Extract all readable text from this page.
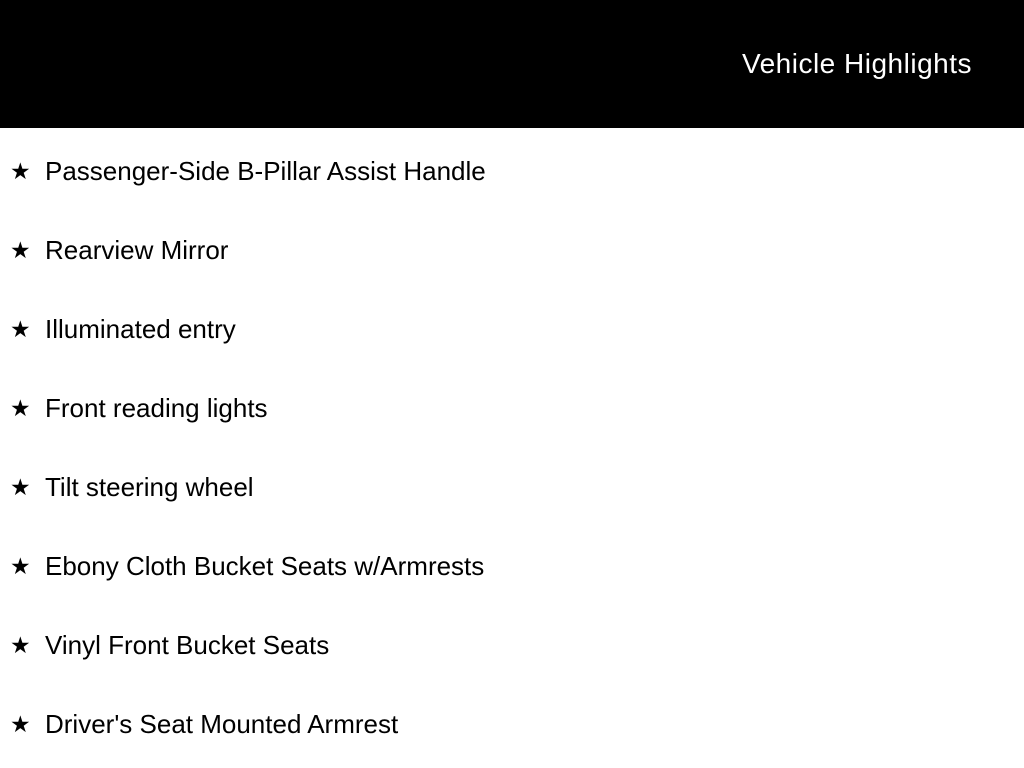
Vehicle Highlights
★ Passenger-Side B-Pillar Assist Handle
★ Rearview Mirror
★ Illuminated entry
★ Front reading lights
★ Tilt steering wheel
★ Ebony Cloth Bucket Seats w/Armrests
★ Vinyl Front Bucket Seats
★ Driver's Seat Mounted Armrest
